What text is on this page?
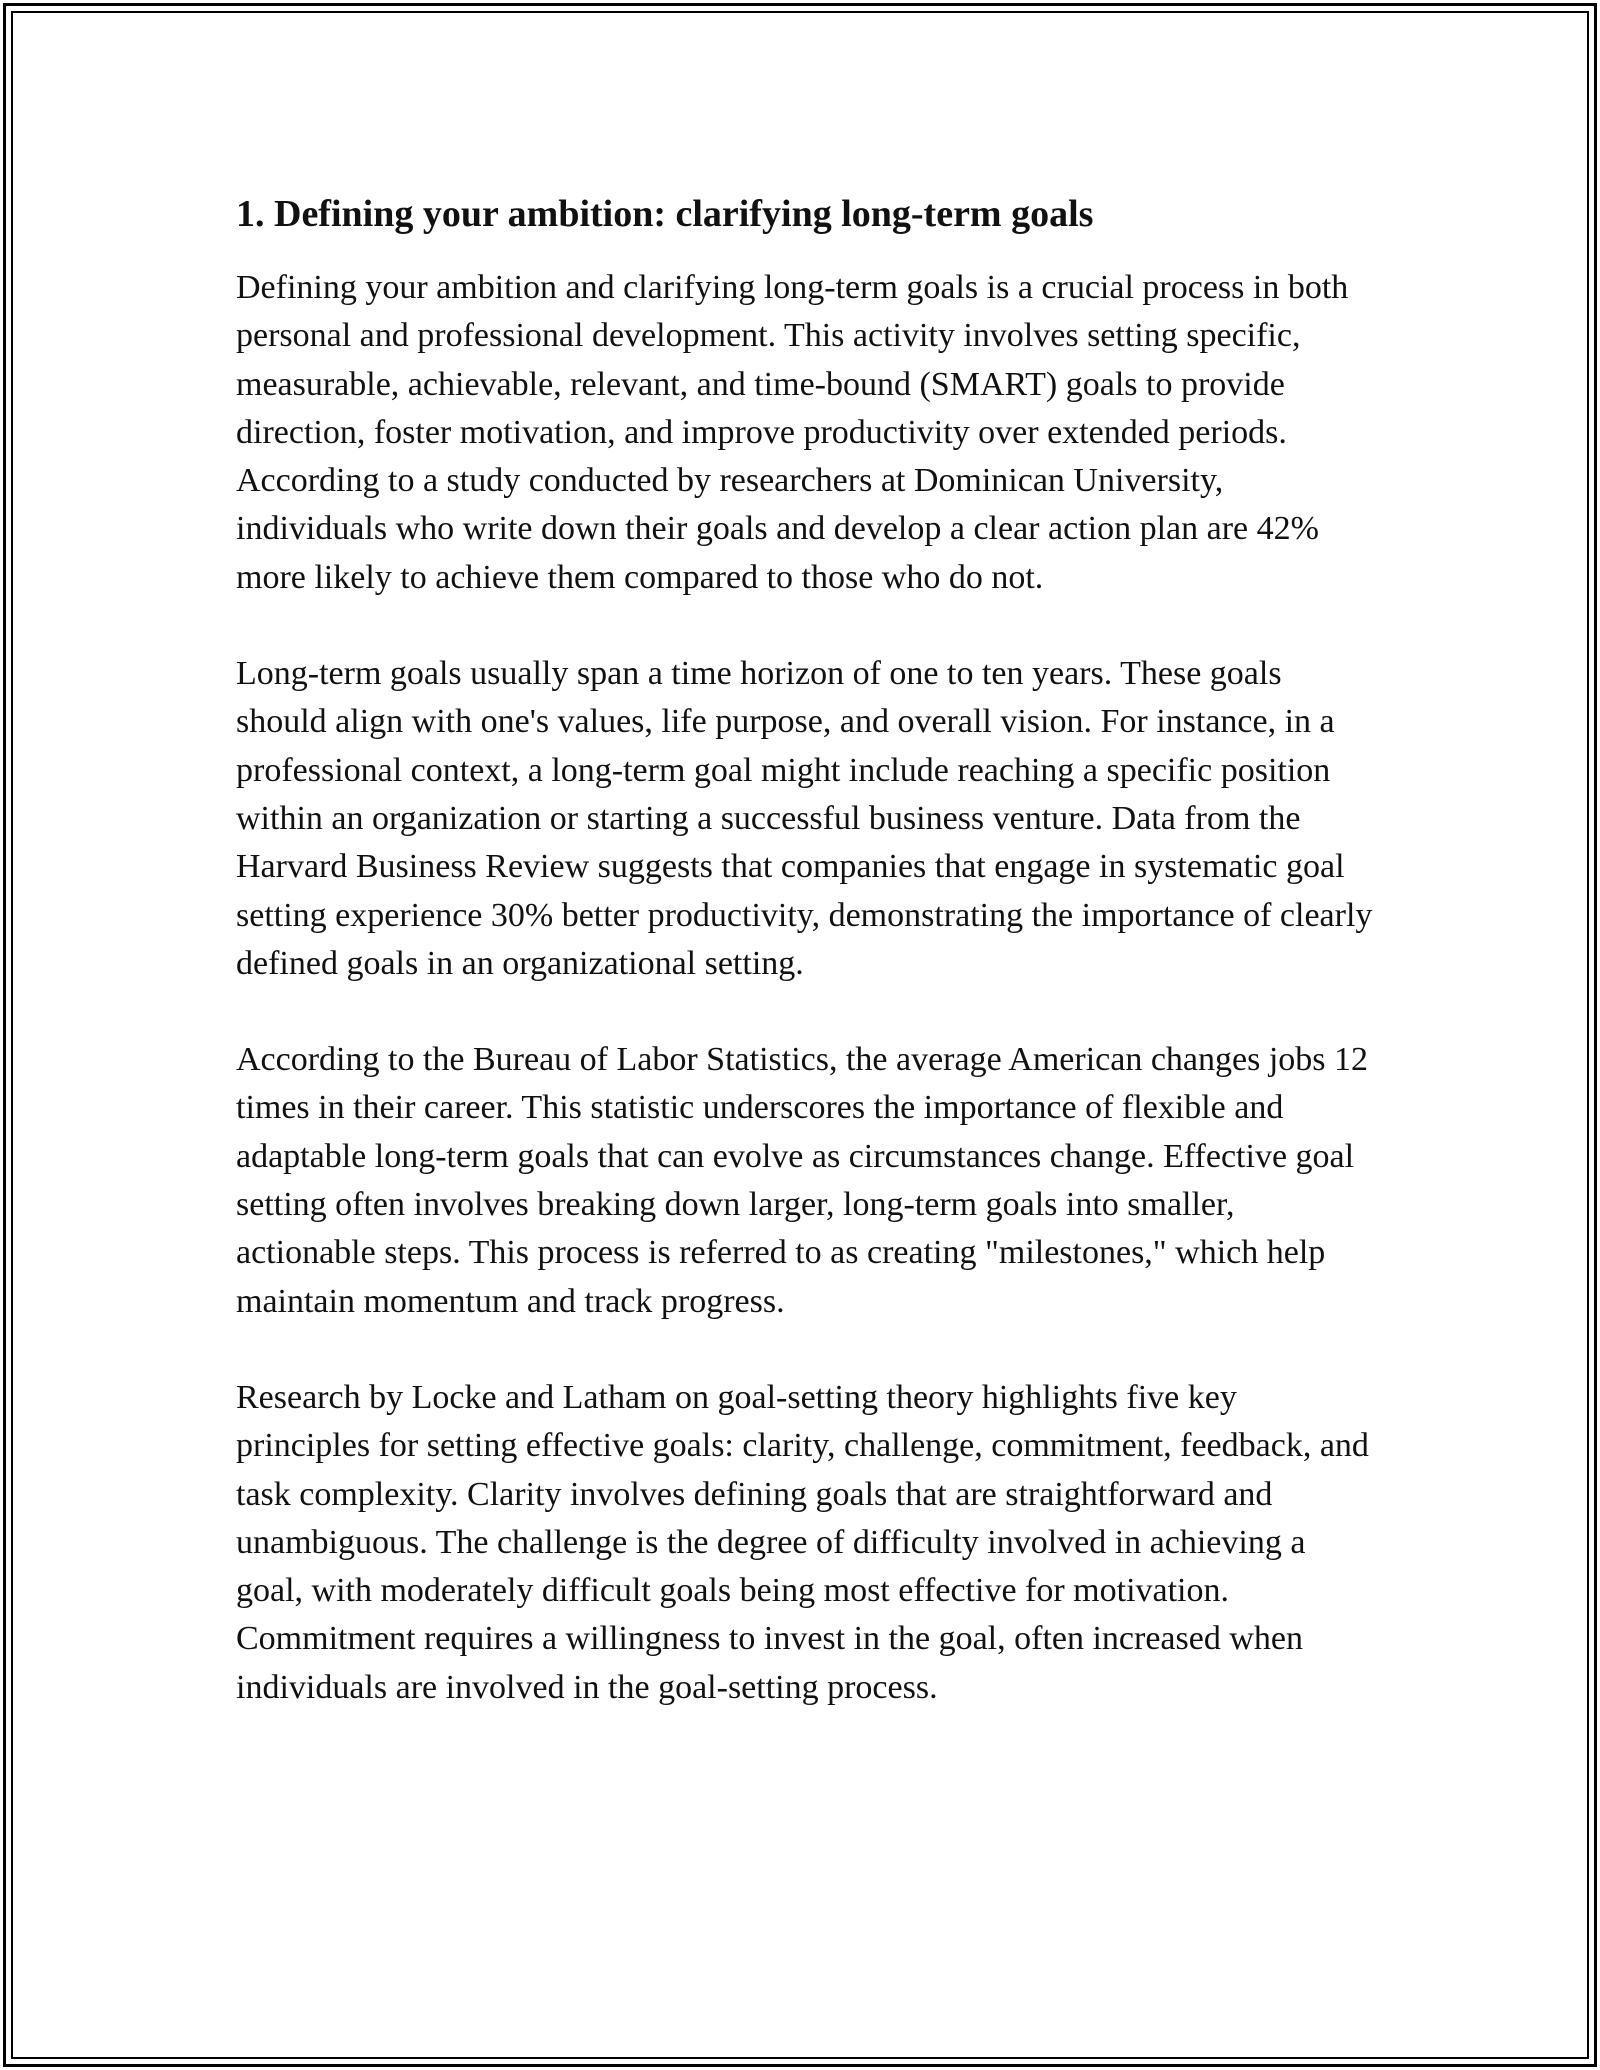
1. Defining your ambition: clarifying long-term goals

Defining your ambition and clarifying long-term goals is a crucial process in both personal and professional development. This activity involves setting specific, measurable, achievable, relevant, and time-bound (SMART) goals to provide direction, foster motivation, and improve productivity over extended periods. According to a study conducted by researchers at Dominican University, individuals who write down their goals and develop a clear action plan are 42% more likely to achieve them compared to those who do not.

Long-term goals usually span a time horizon of one to ten years. These goals should align with one's values, life purpose, and overall vision. For instance, in a professional context, a long-term goal might include reaching a specific position within an organization or starting a successful business venture. Data from the Harvard Business Review suggests that companies that engage in systematic goal setting experience 30% better productivity, demonstrating the importance of clearly defined goals in an organizational setting.

According to the Bureau of Labor Statistics, the average American changes jobs 12 times in their career. This statistic underscores the importance of flexible and adaptable long-term goals that can evolve as circumstances change. Effective goal setting often involves breaking down larger, long-term goals into smaller, actionable steps. This process is referred to as creating "milestones," which help maintain momentum and track progress.

Research by Locke and Latham on goal-setting theory highlights five key principles for setting effective goals: clarity, challenge, commitment, feedback, and task complexity. Clarity involves defining goals that are straightforward and unambiguous. The challenge is the degree of difficulty involved in achieving a goal, with moderately difficult goals being most effective for motivation. Commitment requires a willingness to invest in the goal, often increased when individuals are involved in the goal-setting process.
